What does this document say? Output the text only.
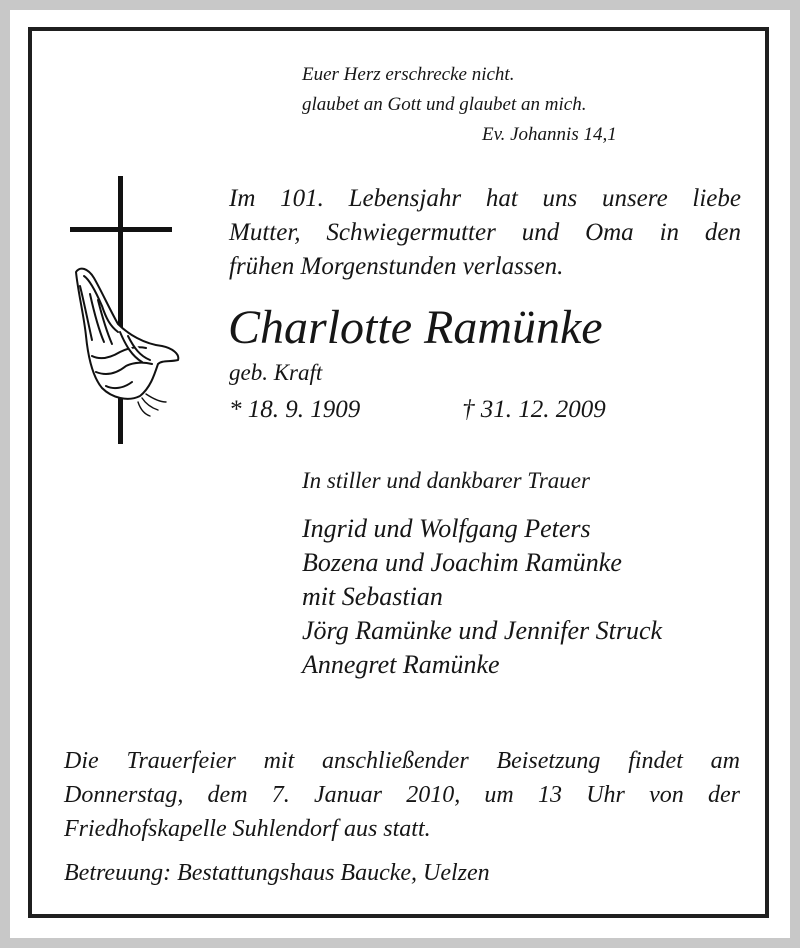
Euer Herz erschrecke nicht.

glaubet an Gott und glaubet an mich.

Ev. Johannis 14,1

Im 101. Lebensjahr hat uns unsere liebe
Mutter, Schwiegermutter und Oma in den
frühen Morgenstunden verlassen.

Charlotte Ramünke

geb. Kraft

* 18. 9. 1909	† 31. 12. 2009

In stiller und dankbarer Trauer

Ingrid und Wolfgang Peters

Bozena und Joachim Ramünke

mit Sebastian

Jörg Ramünke und Jennifer Struck

Annegret Ramünke

Die Trauerfeier mit anschließender Beisetzung findet am
Donnerstag, dem 7. Januar 2010, um 13 Uhr von der
Friedhofskapelle Suhlendorf aus statt.

Betreuung: Bestattungshaus Baucke, Uelzen
